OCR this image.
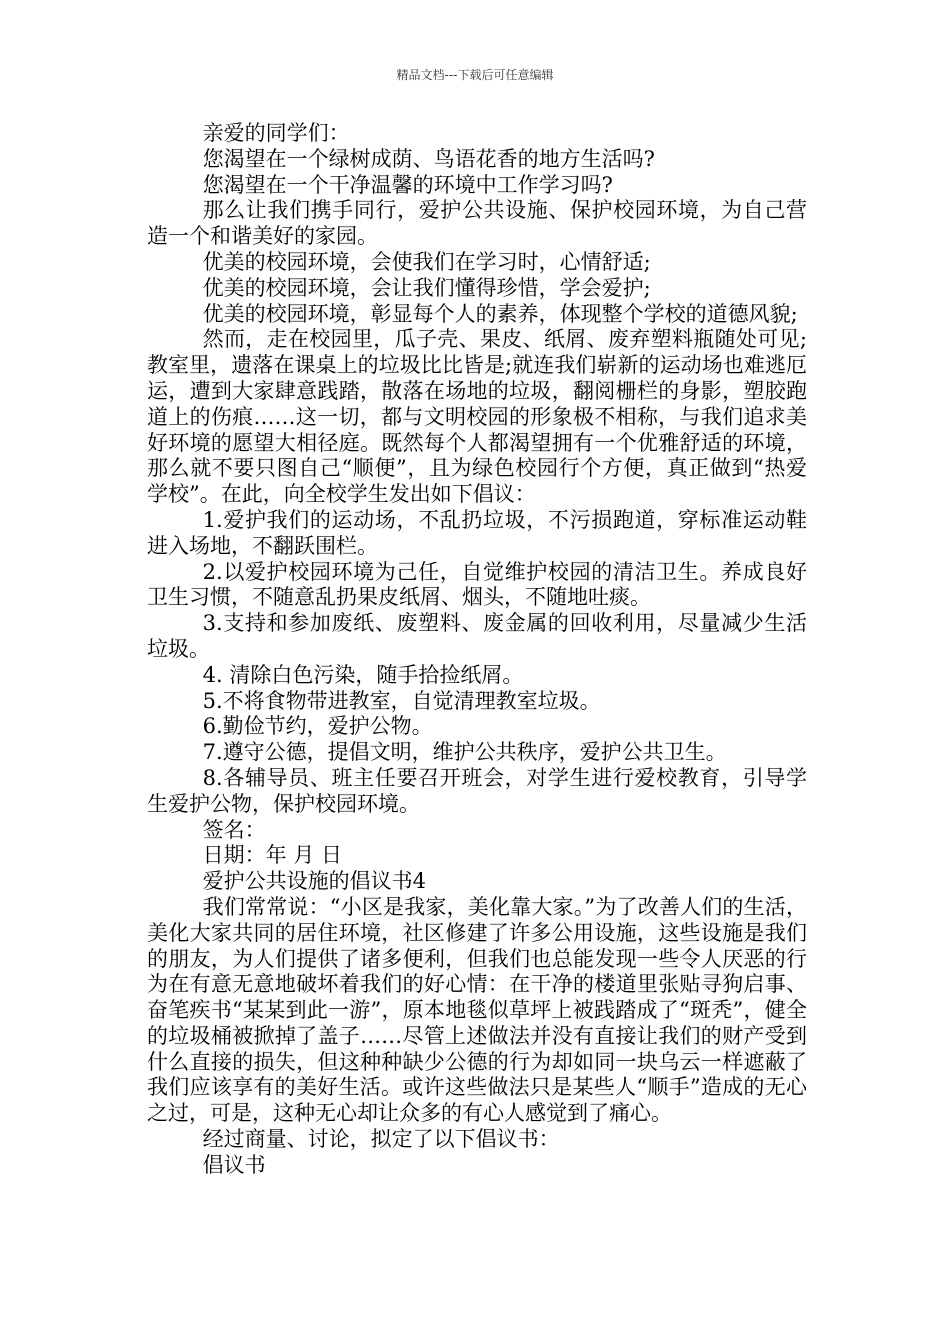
精品文档---下载后可任意编辑

亲爱的同学们：

您渴望在一个绿树成荫、鸟语花香的地方生活吗?

您渴望在一个干净温馨的环境中工作学习吗?

那么让我们携手同行，爱护公共设施、保护校园环境，为自己营造一个和谐美好的家园。

优美的校园环境，会使我们在学习时，心情舒适;

优美的校园环境，会让我们懂得珍惜，学会爱护;

优美的校园环境，彰显每个人的素养，体现整个学校的道德风貌;

然而，走在校园里，瓜子壳、果皮、纸屑、废弃塑料瓶随处可见;教室里，遗落在课桌上的垃圾比比皆是;就连我们崭新的运动场也难逃厄运，遭到大家肆意践踏，散落在场地的垃圾，翻阅栅栏的身影，塑胶跑道上的伤痕……这一切，都与文明校园的形象极不相称，与我们追求美好环境的愿望大相径庭。既然每个人都渴望拥有一个优雅舒适的环境，那么就不要只图自己“顺便”，且为绿色校园行个方便，真正做到“热爱学校”。在此，向全校学生发出如下倡议：

1.爱护我们的运动场，不乱扔垃圾，不污损跑道，穿标准运动鞋进入场地，不翻跃围栏。

2.以爱护校园环境为己任，自觉维护校园的清洁卫生。养成良好卫生习惯，不随意乱扔果皮纸屑、烟头，不随地吐痰。

3.支持和参加废纸、废塑料、废金属的回收利用，尽量减少生活垃圾。

4. 清除白色污染，随手拾捡纸屑。

5.不将食物带进教室，自觉清理教室垃圾。

6.勤俭节约，爱护公物。

7.遵守公德，提倡文明，维护公共秩序，爱护公共卫生。

8.各辅导员、班主任要召开班会，对学生进行爱校教育，引导学生爱护公物，保护校园环境。

签名：

日期：年 月 日

爱护公共设施的倡议书4

我们常常说：“小区是我家，美化靠大家。”为了改善人们的生活，美化大家共同的居住环境，社区修建了许多公用设施，这些设施是我们的朋友，为人们提供了诸多便利，但我们也总能发现一些令人厌恶的行为在有意无意地破坏着我们的好心情：在干净的楼道里张贴寻狗启事、奋笔疾书“某某到此一游”，原本地毯似草坪上被践踏成了“斑秃”，健全的垃圾桶被掀掉了盖子……尽管上述做法并没有直接让我们的财产受到什么直接的损失，但这种种缺少公德的行为却如同一块乌云一样遮蔽了我们应该享有的美好生活。或许这些做法只是某些人“顺手”造成的无心之过，可是，这种无心却让众多的有心人感觉到了痛心。

经过商量、讨论，拟定了以下倡议书：

倡议书
